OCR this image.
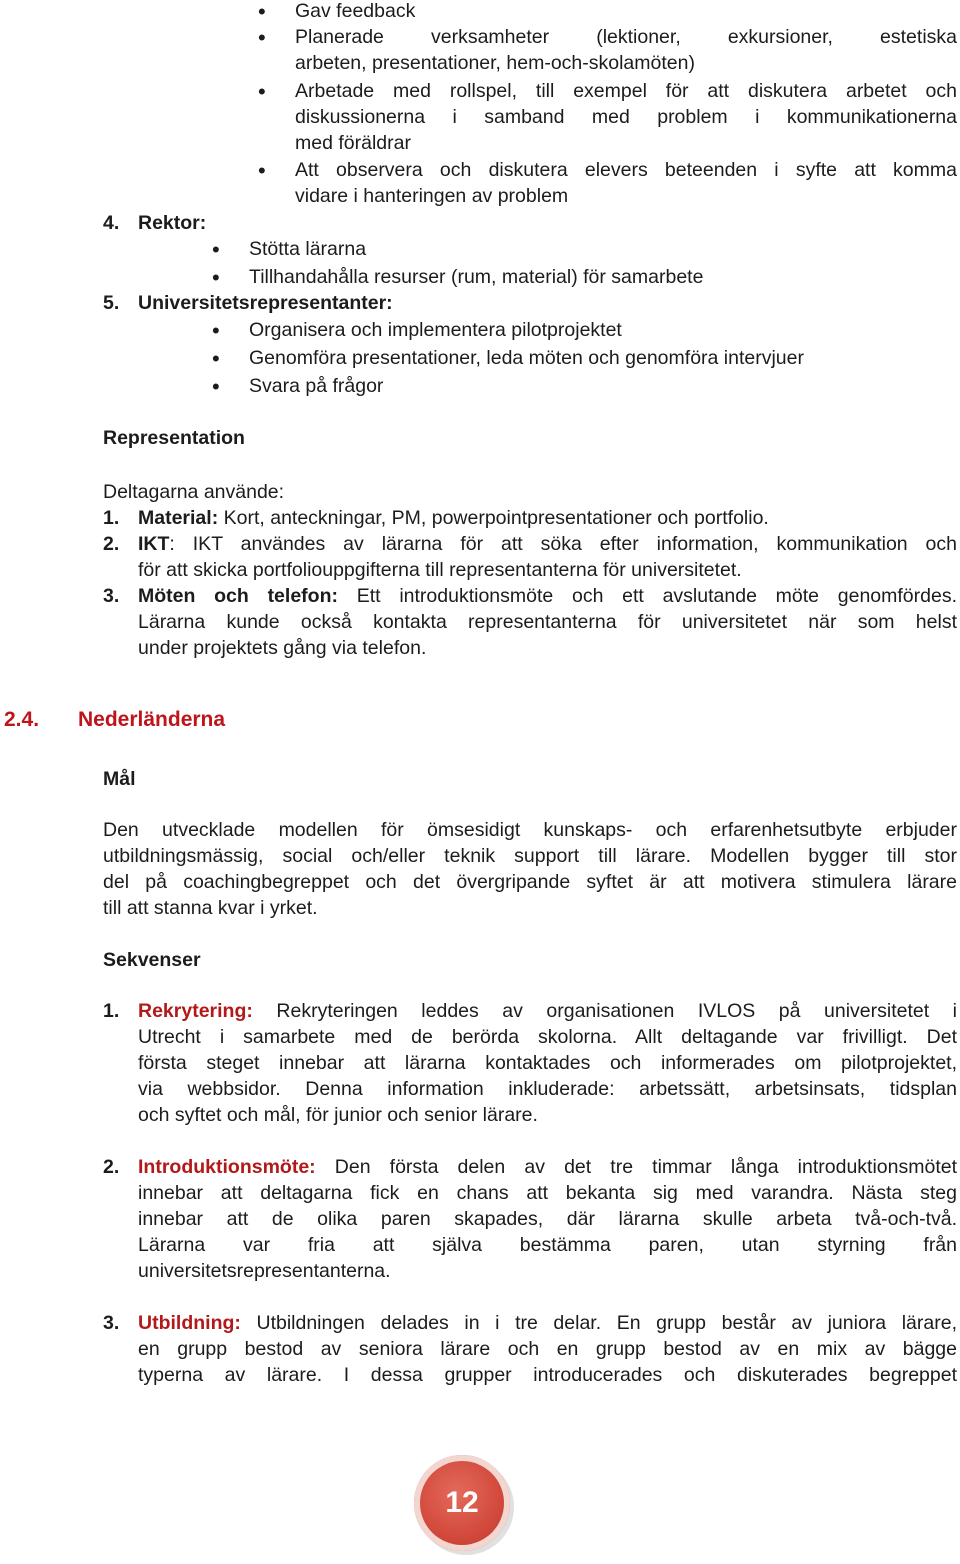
• Gav feedback
• Planerade verksamheter (lektioner, exkursioner, estetiska
arbeten, presentationer, hem-och-skolamöten)
• Arbetade med rollspel, till exempel för att diskutera arbetet och
diskussionerna i samband med problem i kommunikationerna
med föräldrar
• Att observera och diskutera elevers beteenden i syfte att komma
vidare i hanteringen av problem
4. Rektor:
• Stötta lärarna
• Tillhandahålla resurser (rum, material) för samarbete
5. Universitetsrepresentanter:
• Organisera och implementera pilotprojektet
• Genomföra presentationer, leda möten och genomföra intervjuer
• Svara på frågor
Representation
Deltagarna använde:
1. Material: Kort, anteckningar, PM, powerpointpresentationer och portfolio.
2. IKT: IKT användes av lärarna för att söka efter information, kommunikation och
för att skicka portfoliouppgifterna till representanterna för universitetet.
3. Möten och telefon: Ett introduktionsmöte och ett avslutande möte genomfördes.
Lärarna kunde också kontakta representanterna för universitetet när som helst
under projektets gång via telefon.
2.4. Nederländerna
Mål
Den utvecklade modellen för ömsesidigt kunskaps- och erfarenhetsutbyte erbjuder
utbildningsmässig, social och/eller teknik support till lärare. Modellen bygger till stor
del på coachingbegreppet och det övergripande syftet är att motivera stimulera lärare
till att stanna kvar i yrket.
Sekvenser
1. Rekrytering: Rekryteringen leddes av organisationen IVLOS på universitetet i
Utrecht i samarbete med de berörda skolorna. Allt deltagande var frivilligt. Det
första steget innebar att lärarna kontaktades och informerades om pilotprojektet,
via webbsidor. Denna information inkluderade: arbetssätt, arbetsinsats, tidsplan
och syftet och mål, för junior och senior lärare.
2. Introduktionsmöte: Den första delen av det tre timmar långa introduktionsmötet
innebar att deltagarna fick en chans att bekanta sig med varandra. Nästa steg
innebar att de olika paren skapades, där lärarna skulle arbeta två-och-två.
Lärarna var fria att själva bestämma paren, utan styrning från
universitetsrepresentanterna.
3. Utbildning: Utbildningen delades in i tre delar. En grupp består av juniora lärare,
en grupp bestod av seniora lärare och en grupp bestod av en mix av bägge
typerna av lärare. I dessa grupper introducerades och diskuterades begreppet
12
